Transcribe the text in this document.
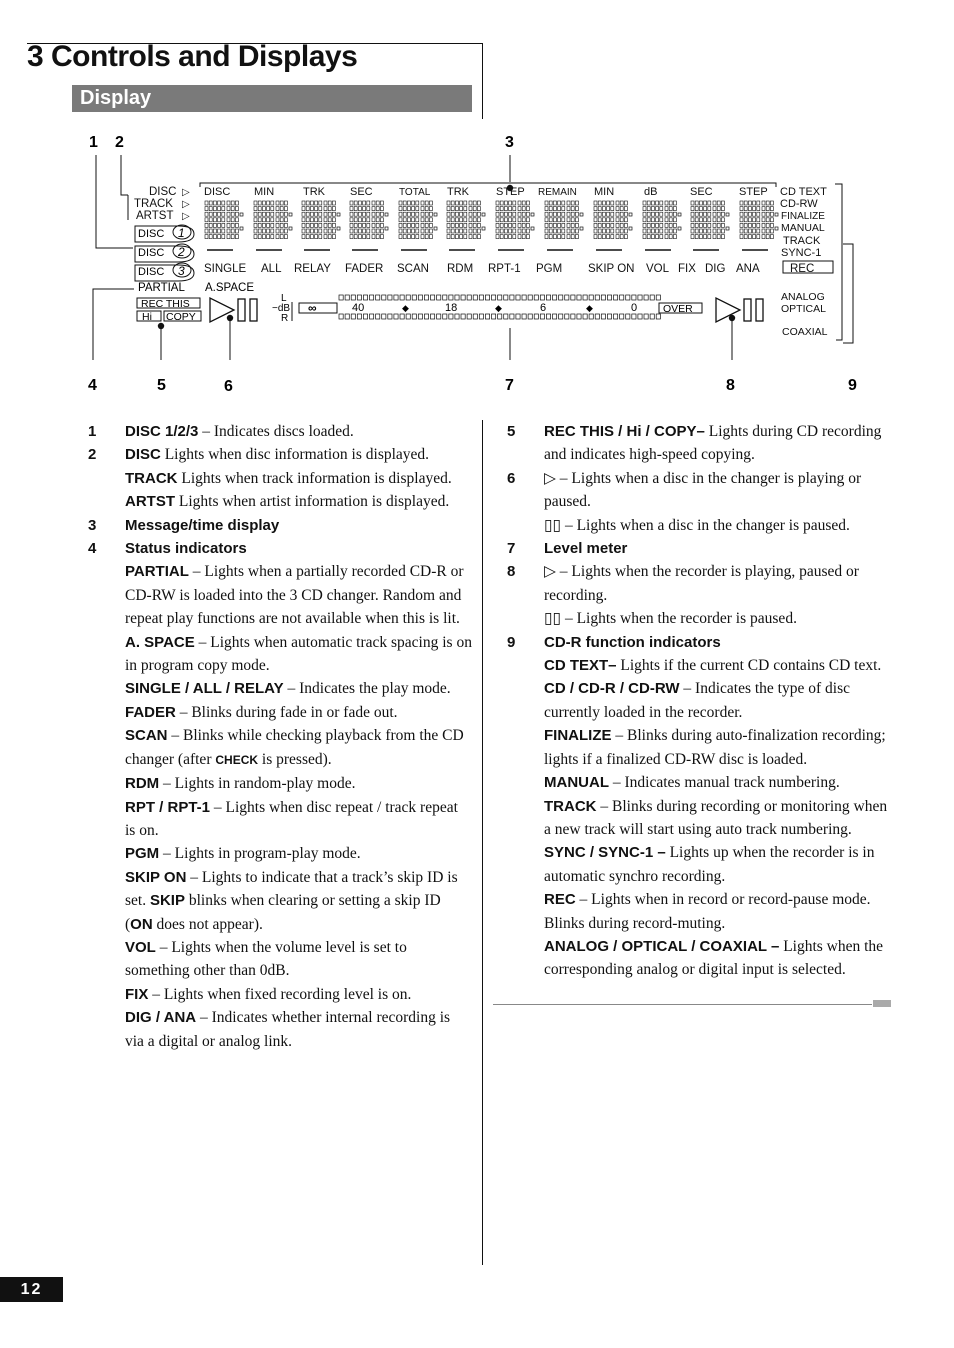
3 Controls and Displays
Display
1 2	3
4	5	6	7	8	9
DISC
TRACK
ARTST
▷
▷
▷
DISC 1
DISC 2
DISC 3
PARTIAL A.SPACE
REC THIS
Hi COPY
DISC MIN	TRK SEC	TOTAL TRK STEP REMAIN MIN	dB	SEC STEP
SINGLE ALL RELAY FADER SCAN RDM RPT-1 PGM SKIP ON VOL FIX DIG ANA
L
−dB
R
∞	40	◆	18	◆	6	◆	0 OVER
CD TEXT
CD-RW
FINALIZE
MANUAL
TRACK
SYNC-1
REC
ANALOG
OPTICAL
COAXIAL
1 DISC 1/2/3 – Indicates discs loaded.
2 DISC Lights when disc information is displayed.
TRACK Lights when track information is displayed.
ARTST Lights when artist information is displayed.
3 Message/time display
4 Status indicators
PARTIAL – Lights when a partially recorded CD-R or CD-RW is loaded into the 3 CD changer. Random and repeat play functions are not available when this is lit.
A. SPACE – Lights when automatic track spacing is on in program copy mode.
SINGLE / ALL / RELAY – Indicates the play mode.
FADER – Blinks during fade in or fade out.
SCAN – Blinks while checking playback from the CD changer (after CHECK is pressed).
RDM – Lights in random-play mode.
RPT / RPT-1 – Lights when disc repeat / track repeat is on.
PGM – Lights in program-play mode.
SKIP ON – Lights to indicate that a track’s skip ID is set. SKIP blinks when clearing or setting a skip ID (ON does not appear).
VOL – Lights when the volume level is set to something other than 0dB.
FIX – Lights when fixed recording level is on.
DIG / ANA – Indicates whether internal recording is via a digital or analog link.
5 REC THIS / Hi / COPY– Lights during CD recording and indicates high-speed copying.
6 ▷ – Lights when a disc in the changer is playing or paused.
▯▯ – Lights when a disc in the changer is paused.
7 Level meter
8 ▷ – Lights when the recorder is playing, paused or recording.
▯▯ – Lights when the recorder is paused.
9 CD-R function indicators
CD TEXT– Lights if the current CD contains CD text.
CD / CD-R / CD-RW – Indicates the type of disc currently loaded in the recorder.
FINALIZE – Blinks during auto-finalization recording; lights if a finalized CD-RW disc is loaded.
MANUAL – Indicates manual track numbering.
TRACK – Blinks during recording or monitoring when a new track will start using auto track numbering.
SYNC / SYNC-1 – Lights up when the recorder is in automatic synchro recording.
REC – Lights when in record or record-pause mode. Blinks during record-muting.
ANALOG / OPTICAL / COAXIAL – Lights when the corresponding analog or digital input is selected.
12
